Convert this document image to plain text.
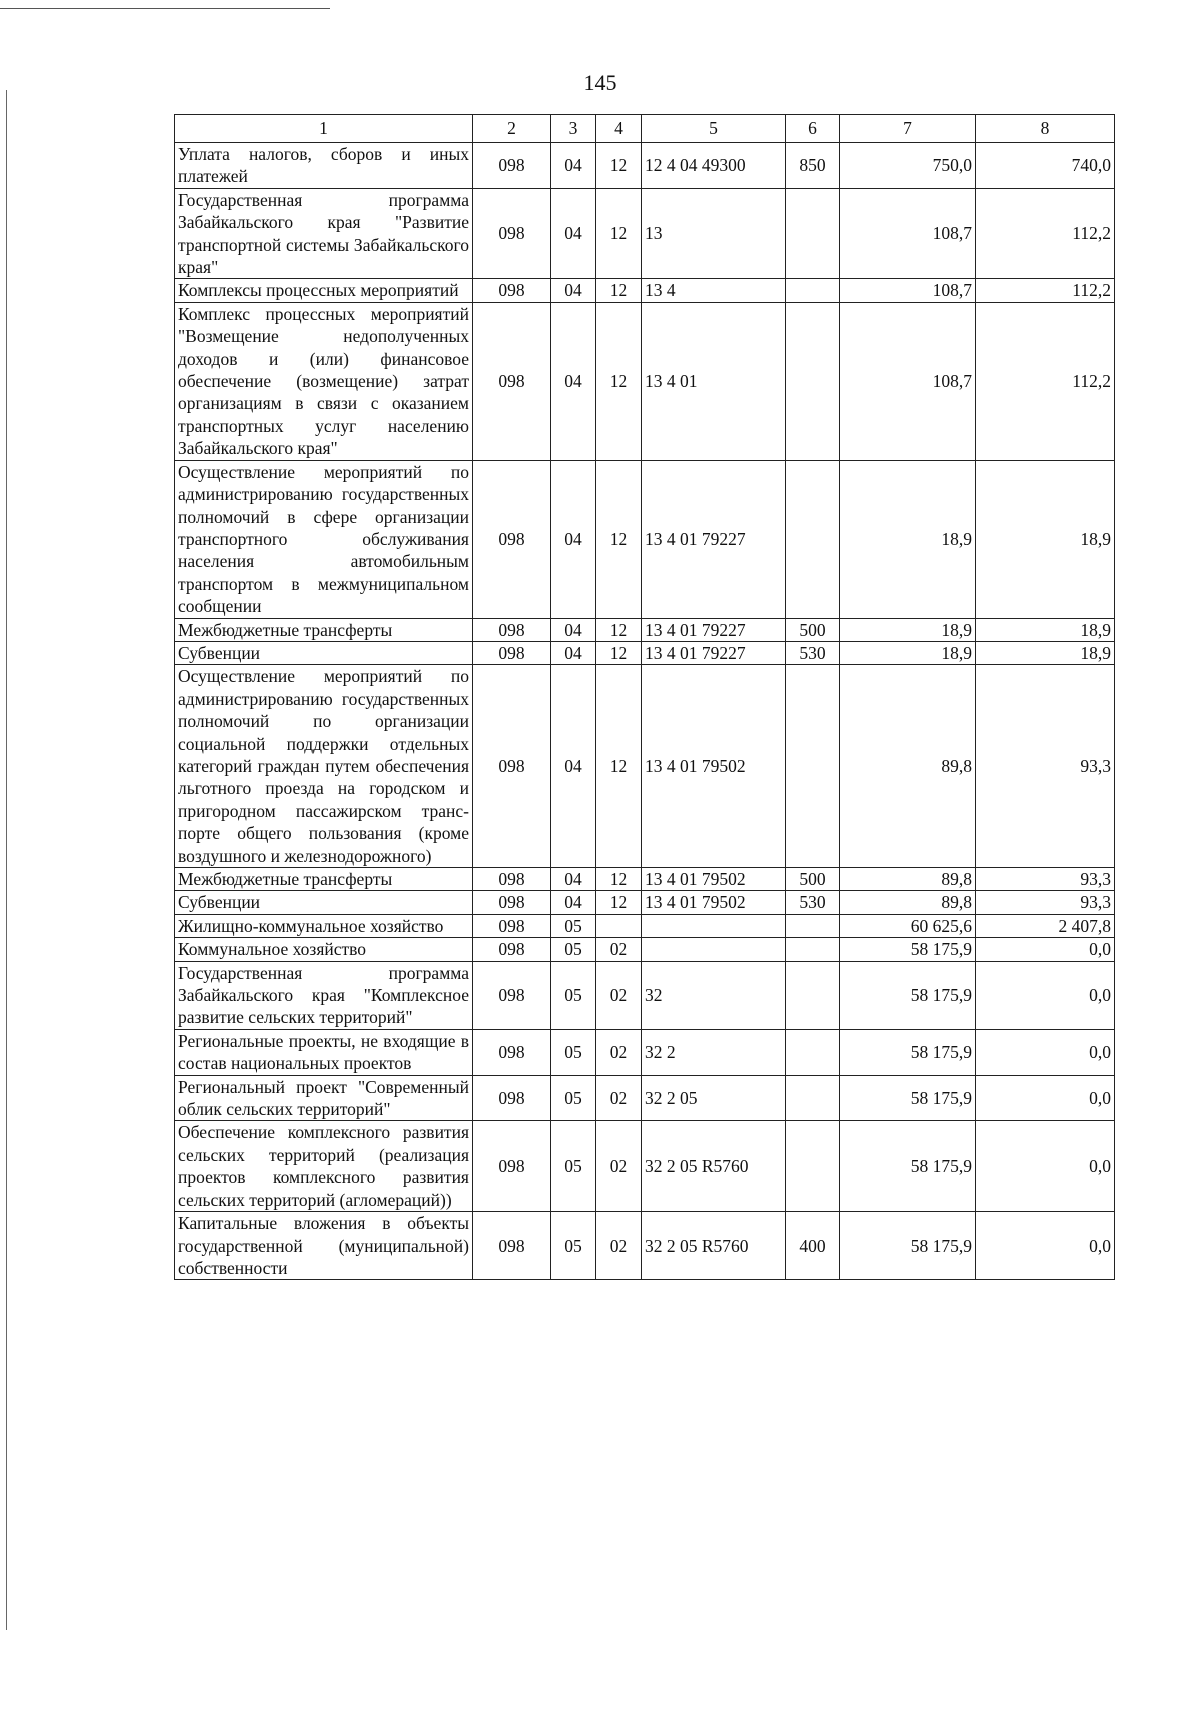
145
1	2	3	4	5	6	7	8
Уплата налогов, сборов и иных платежей	098	04	12	12 4 04 49300	850	750,0	740,0
Государственная программа Забайкальского края "Развитие транспортной системы Забайкальского края"	098	04	12	13		108,7	112,2
Комплексы процессных мероприятий	098	04	12	13 4		108,7	112,2
Комплекс процессных мероприятий "Возмещение недополученных доходов и (или) финансовое обеспечение (возмещение) затрат организациям в связи с оказанием транспортных услуг населению Забайкальского края"	098	04	12	13 4 01		108,7	112,2
Осуществление мероприятий по администрированию государственных полномочий в сфере организации транспортного обслуживания населения автомобильным транспортом в межмуниципальном сообщении	098	04	12	13 4 01 79227		18,9	18,9
Межбюджетные трансферты	098	04	12	13 4 01 79227	500	18,9	18,9
Субвенции	098	04	12	13 4 01 79227	530	18,9	18,9
Осуществление мероприятий по администрированию государственных полномочий по организации социальной поддержки отдельных категорий граждан путем обеспечения льготного проезда на городском и пригородном пассажирском транспорте общего пользования (кроме воздушного и железнодорожного)	098	04	12	13 4 01 79502		89,8	93,3
Межбюджетные трансферты	098	04	12	13 4 01 79502	500	89,8	93,3
Субвенции	098	04	12	13 4 01 79502	530	89,8	93,3
Жилищно-коммунальное хозяйство	098	05				60 625,6	2 407,8
Коммунальное хозяйство	098	05	02			58 175,9	0,0
Государственная программа Забайкальского края "Комплексное развитие сельских территорий"	098	05	02	32		58 175,9	0,0
Региональные проекты, не входящие в состав национальных проектов	098	05	02	32 2		58 175,9	0,0
Региональный проект "Современный облик сельских территорий"	098	05	02	32 2 05		58 175,9	0,0
Обеспечение комплексного развития сельских территорий (реализация проектов комплексного развития сельских территорий (агломераций))	098	05	02	32 2 05 R5760		58 175,9	0,0
Капитальные вложения в объекты государственной (муниципальной) собственности	098	05	02	32 2 05 R5760	400	58 175,9	0,0
